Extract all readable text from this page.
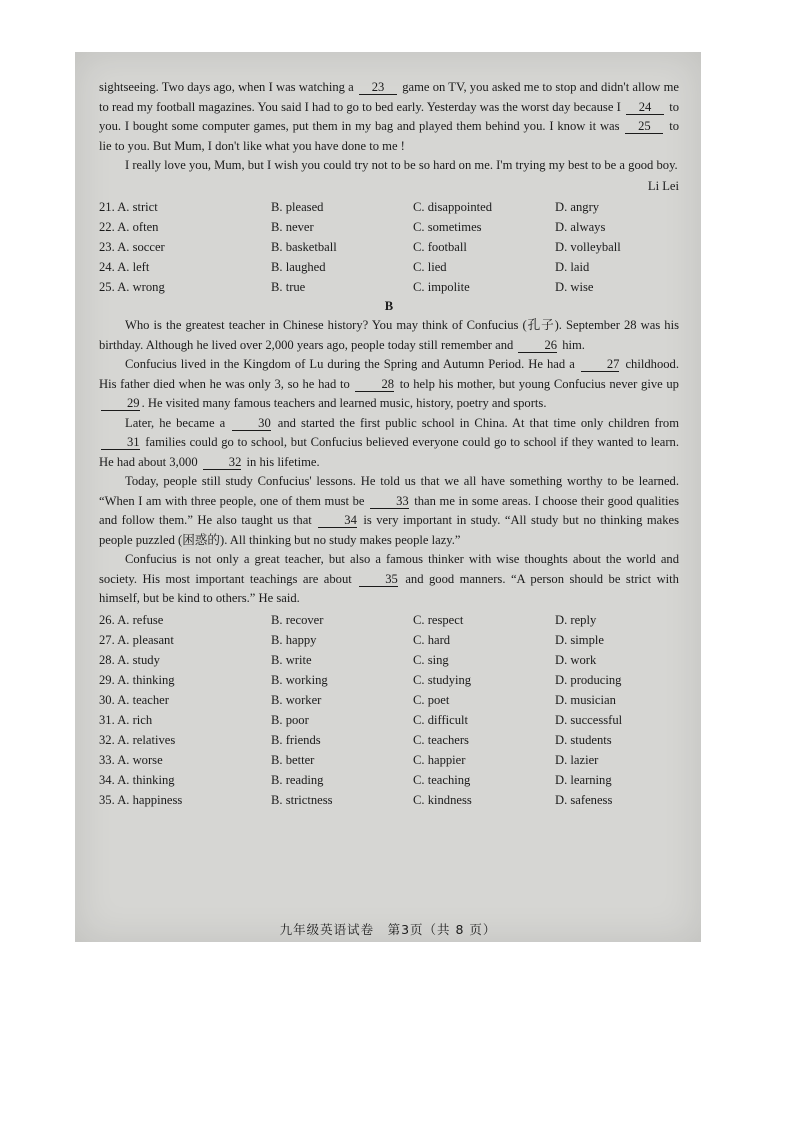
sightseeing. Two days ago, when I was watching a 23 game on TV, you asked me to stop and didn't allow me to read my football magazines. You said I had to go to bed early. Yesterday was the worst day because I 24 to you. I bought some computer games, put them in my bag and played them behind you. I know it was 25 to lie to you. But Mum, I don't like what you have done to me !

I really love you, Mum, but I wish you could try not to be so hard on me. I'm trying my best to be a good boy.

Li Lei
21. A. strict	B. pleased	C. disappointed	D. angry
22. A. often	B. never	C. sometimes	D. always
23. A. soccer	B. basketball	C. football	D. volleyball
24. A. left	B. laughed	C. lied	D. laid
25. A. wrong	B. true	C. impolite	D. wise
B

Who is the greatest teacher in Chinese history? You may think of Confucius (孔子). September 28 was his birthday. Although he lived over 2,000 years ago, people today still remember and 26 him.

Confucius lived in the Kingdom of Lu during the Spring and Autumn Period. He had a 27 childhood. His father died when he was only 3, so he had to 28 to help his mother, but young Confucius never give up 29 . He visited many famous teachers and learned music, history, poetry and sports.

Later, he became a 30 and started the first public school in China. At that time only children from 31 families could go to school, but Confucius believed everyone could go to school if they wanted to learn. He had about 3,000 32 in his lifetime.

Today, people still study Confucius' lessons. He told us that we all have something worthy to be learned. “When I am with three people, one of them must be 33 than me in some areas. I choose their good qualities and follow them.” He also taught us that 34 is very important in study. “All study but no thinking makes people puzzled (困惑的). All thinking but no study makes people lazy.”

Confucius is not only a great teacher, but also a famous thinker with wise thoughts about the world and society. His most important teachings are about 35 and good manners. “A person should be strict with himself, but be kind to others.” He said.

26. A. refuse	B. recover	C. respect	D. reply
27. A. pleasant	B. happy	C. hard	D. simple
28. A. study	B. write	C. sing	D. work
29. A. thinking	B. working	C. studying	D. producing
30. A. teacher	B. worker	C. poet	D. musician
31. A. rich	B. poor	C. difficult	D. successful
32. A. relatives	B. friends	C. teachers	D. students
33. A. worse	B. better	C. happier	D. lazier
34. A. thinking	B. reading	C. teaching	D. learning
35. A. happiness	B. strictness	C. kindness	D. safeness
九年级英语试卷　第3页（共 8 页）
